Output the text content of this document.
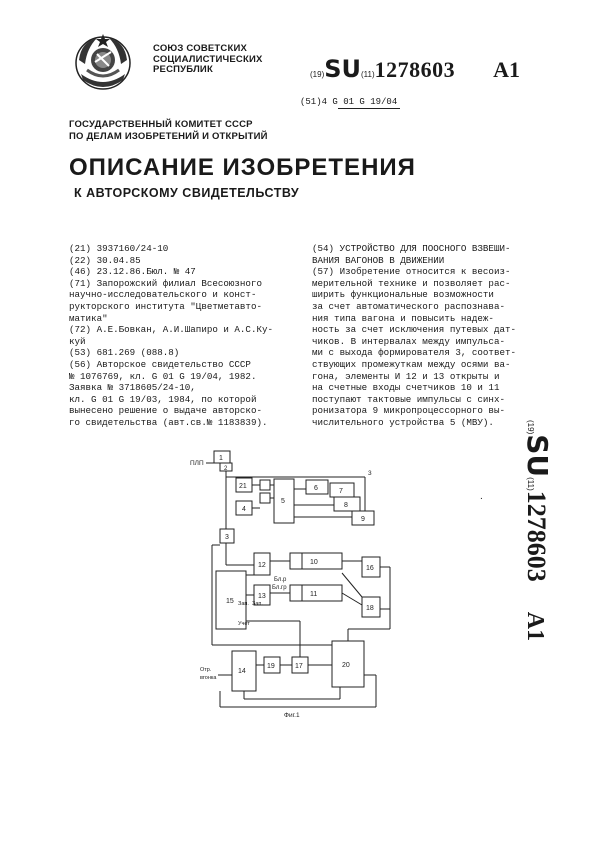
СОЮЗ СОВЕТСКИХ
СОЦИАЛИСТИЧЕСКИХ
РЕСПУБЛИК	(19)SU(11)1278603 A1
(51)4 G 01 G 19/04
ГОСУДАРСТВЕННЫЙ КОМИТЕТ СССР
ПО ДЕЛАМ ИЗОБРЕТЕНИЙ И ОТКРЫТИЙ
ОПИСАНИЕ ИЗОБРЕТЕНИЯ
К АВТОРСКОМУ СВИДЕТЕЛЬСТВУ
(21) 3937160/24-10
(22) 30.04.85
(46) 23.12.86.Бюл. № 47
(71) Запорожский филиал Всесоюзного
научно-исследовательского и конст-
рукторского института "Цветметавто-
матика"
(72) А.Е.Бовкан, А.И.Шапиро и А.С.Ку-
куй
(53) 681.269 (088.8)
(56) Авторское свидетельство СССР
№ 1076769, кл. G 01 G 19/04, 1982.
Заявка № 3718605/24-10,
кл. G 01 G 19/03, 1984, по которой
вынесено решение о выдаче авторско-
го свидетельства (авт.св.№ 1183839).
(54) УСТРОЙСТВО ДЛЯ ПООСНОГО ВЗВЕШИ-
ВАНИЯ ВАГОНОВ В ДВИЖЕНИИ
(57) Изобретение относится к весоиз-
мерительной технике и позволяет рас-
ширить функциональные возможности
за счет автоматического распознава-
ния типа вагона и повысить надеж-
ность за счет исключения путевых дат-
чиков. В интервалах между импульса-
ми с выхода формирователя 3, соответ-
ствующих промежуткам между осями ва-
гона, элементы И 12 и 13 открыты и
на счетные входы счетчиков 10 и 11
поступают тактовые импульсы с синх-
ронизатора 9 микропроцессорного вы-
числительного устройства 5 (МВУ).	(19)SU(11)1278603A1
.
ПЛП
1
2
3
21
4
5
6	7
8
9
3
12	10
16
Бл.р
Бл.гр
13	11
18
15 Зап. Зап.
Учет
14
Отр.
вгонка
19	17	20
Фиг.1
